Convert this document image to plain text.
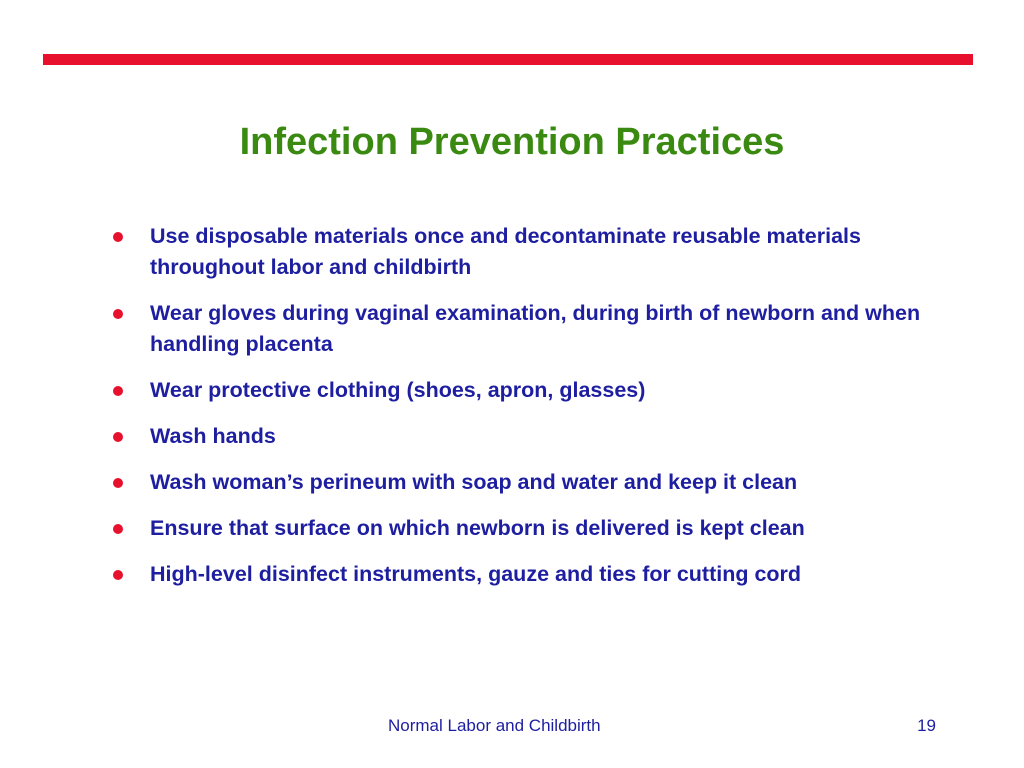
Infection Prevention Practices
Use disposable materials once and decontaminate reusable materials throughout labor and childbirth
Wear gloves during vaginal examination, during birth of newborn and when handling placenta
Wear protective clothing (shoes, apron, glasses)
Wash hands
Wash woman’s perineum with soap and water and keep it clean
Ensure that surface on which newborn is delivered is kept clean
High-level disinfect instruments, gauze and ties for cutting cord
Normal Labor and Childbirth	19
